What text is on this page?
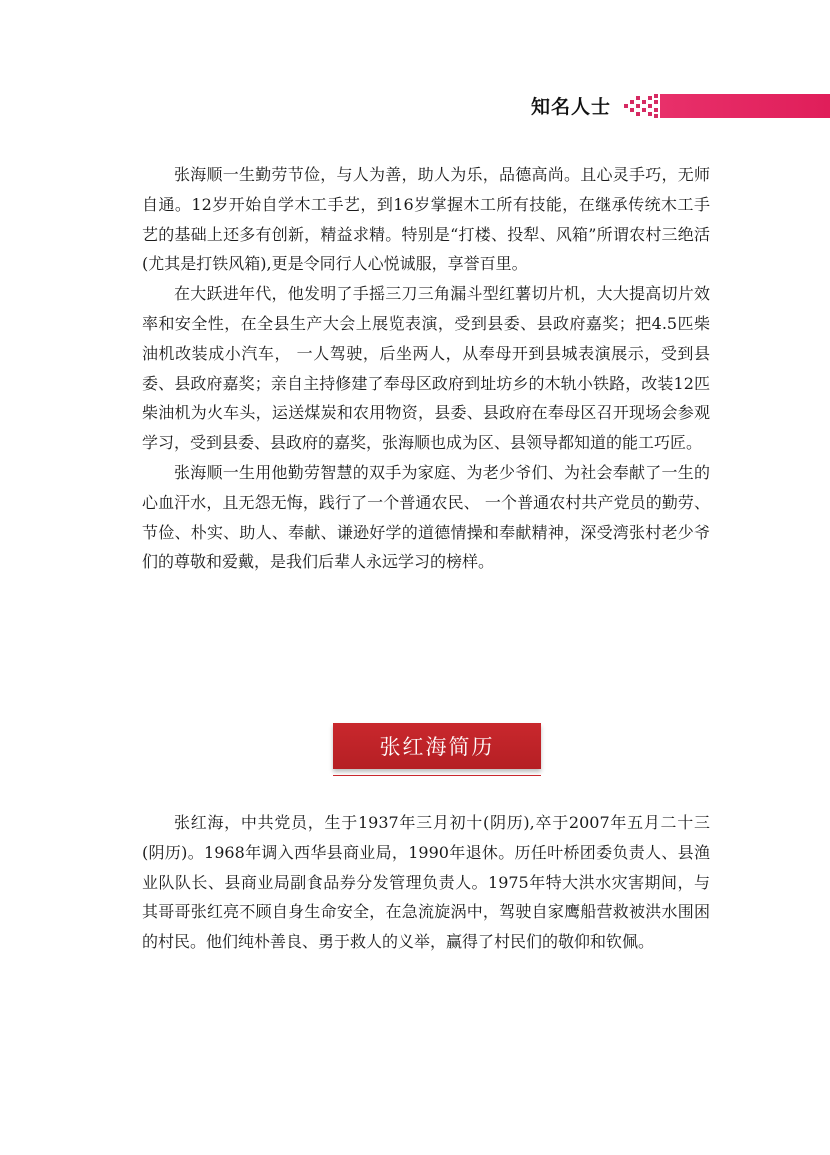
知名人士

张海顺一生勤劳节俭，与人为善，助人为乐，品德高尚。且心灵手巧，无师自通。12岁开始自学木工手艺，到16岁掌握木工所有技能，在继承传统木工手艺的基础上还多有创新，精益求精。特别是“打楼、投犁、风箱”所谓农村三绝活(尤其是打铁风箱),更是令同行人心悦诚服，享誉百里。

在大跃进年代，他发明了手摇三刀三角漏斗型红薯切片机，大大提高切片效率和安全性，在全县生产大会上展览表演，受到县委、县政府嘉奖；把4.5匹柴油机改装成小汽车， 一人驾驶，后坐两人，从奉母开到县城表演展示，受到县委、县政府嘉奖；亲自主持修建了奉母区政府到址坊乡的木轨小铁路，改装12匹柴油机为火车头，运送煤炭和农用物资，县委、县政府在奉母区召开现场会参观学习，受到县委、县政府的嘉奖，张海顺也成为区、县领导都知道的能工巧匠。

张海顺一生用他勤劳智慧的双手为家庭、为老少爷们、为社会奉献了一生的心血汗水，且无怨无悔，践行了一个普通农民、 一个普通农村共产党员的勤劳、节俭、朴实、助人、奉献、谦逊好学的道德情操和奉献精神，深受湾张村老少爷们的尊敬和爱戴，是我们后辈人永远学习的榜样。

张红海简历

张红海，中共党员，生于1937年三月初十(阴历),卒于2007年五月二十三(阴历)。1968年调入西华县商业局，1990年退休。历任叶桥团委负责人、县渔业队队长、县商业局副食品券分发管理负责人。1975年特大洪水灾害期间，与其哥哥张红亮不顾自身生命安全，在急流旋涡中，驾驶自家鹰船营救被洪水围困的村民。他们纯朴善良、勇于救人的义举，赢得了村民们的敬仰和钦佩。
